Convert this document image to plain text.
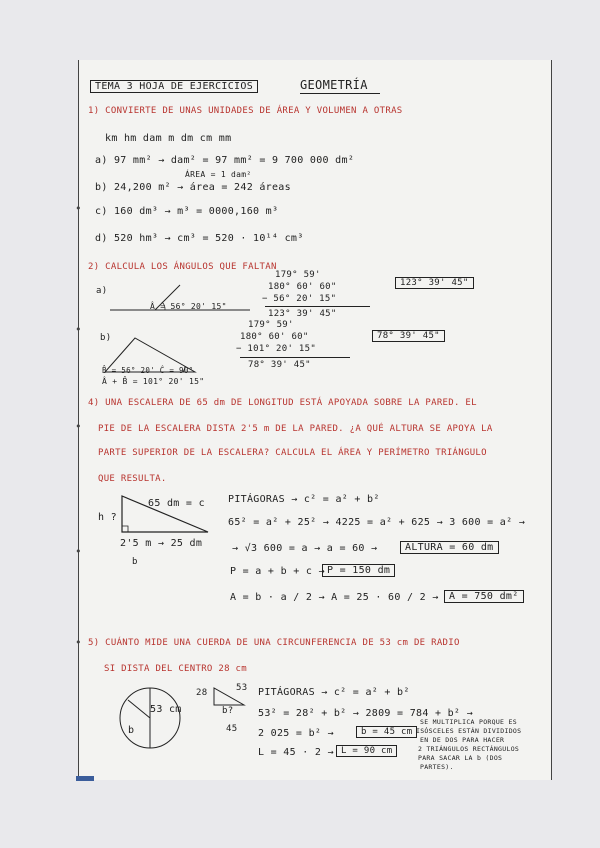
TEMA 3 HOJA DE EJERCICIOS	GEOMETRÍA
1) CONVIERTE DE UNAS UNIDADES DE ÁREA Y VOLUMEN A OTRAS
km hm dam m dm cm mm
a) 97 mm² → dam² = 97 mm² = 9 700 000 dm²
ÁREA = 1 dam²
b) 24,200 m² → área = 242 áreas
• c) 160 dm³ → m³ = 0000,160 m³
d) 520 hm³ → cm³ = 520 · 10¹⁴ cm³
2) CALCULA LOS ÁNGULOS QUE FALTAN
a)
Â = 56° 20' 15"
179° 59'
180° 60' 60"
− 56° 20' 15"
123° 39' 45"
123° 39' 45"
•
b)
B̂ = 56° 20' Ĉ = 90°
Â + B̂ = 101° 20' 15"
179° 59'
180° 60' 60"
− 101° 20' 15"
78° 39' 45"
78° 39' 45"
4) UNA ESCALERA DE 65 dm DE LONGITUD ESTÁ APOYADA SOBRE LA PARED. EL
• PIE DE LA ESCALERA DISTA 2'5 m DE LA PARED. ¿A QUÉ ALTURA SE APOYA LA
PARTE SUPERIOR DE LA ESCALERA? CALCULA EL ÁREA Y PERÍMETRO TRIÁNGULO
QUE RESULTA.
65 dm = c
h ?
2'5 m → 25 dm
b
PITÁGORAS → c² = a² + b²
65² = a² + 25² → 4225 = a² + 625 → 3 600 = a² →
•	→ √3 600 = a → a = 60 →	ALTURA = 60 dm
P = a + b + c → P = 150 dm
A = b · a / 2 → A = 25 · 60 / 2 →	A = 750 dm²
• 5) CUÁNTO MIDE UNA CUERDA DE UNA CIRCUNFERENCIA DE 53 cm DE RADIO
SI DISTA DEL CENTRO 28 cm
53 cm
b
28	53
b?
45
PITÁGORAS → c² = a² + b²
53² = 28² + b² → 2809 = 784 + b² →
2 025 = b² →	b = 45 cm
L = 45 · 2 → L = 90 cm
SE MULTIPLICA PORQUE ES
ISÓSCELES ESTÁN DIVIDIDOS
EN DE DOS PARA HACER
2 TRIÁNGULOS RECTÁNGULOS
PARA SACAR LA b (DOS
PARTES).
